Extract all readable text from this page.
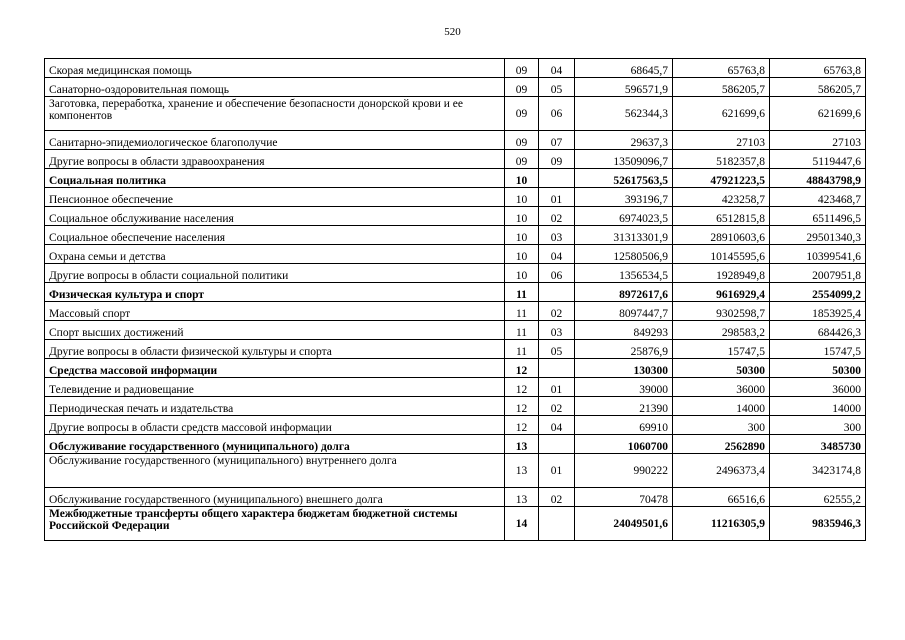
520
Скорая медицинская помощь	09	04	68645,7	65763,8	65763,8
Санаторно-оздоровительная помощь	09	05	596571,9	586205,7	586205,7
Заготовка, переработка, хранение и обеспечение безопасности донорской крови и ее компонентов	09	06	562344,3	621699,6	621699,6
Санитарно-эпидемиологическое благополучие	09	07	29637,3	27103	27103
Другие вопросы в области здравоохранения	09	09	13509096,7	5182357,8	5119447,6
Социальная политика	10		52617563,5	47921223,5	48843798,9
Пенсионное обеспечение	10	01	393196,7	423258,7	423468,7
Социальное обслуживание населения	10	02	6974023,5	6512815,8	6511496,5
Социальное обеспечение населения	10	03	31313301,9	28910603,6	29501340,3
Охрана семьи и детства	10	04	12580506,9	10145595,6	10399541,6
Другие вопросы в области социальной политики	10	06	1356534,5	1928949,8	2007951,8
Физическая культура и спорт	11		8972617,6	9616929,4	2554099,2
Массовый спорт	11	02	8097447,7	9302598,7	1853925,4
Спорт высших достижений	11	03	849293	298583,2	684426,3
Другие вопросы в области физической культуры и спорта	11	05	25876,9	15747,5	15747,5
Средства массовой информации	12		130300	50300	50300
Телевидение и радиовещание	12	01	39000	36000	36000
Периодическая печать и издательства	12	02	21390	14000	14000
Другие вопросы в области средств массовой информации	12	04	69910	300	300
Обслуживание государственного (муниципального) долга	13		1060700	2562890	3485730
Обслуживание государственного (муниципального) внутреннего долга	13	01	990222	2496373,4	3423174,8
Обслуживание государственного (муниципального) внешнего долга	13	02	70478	66516,6	62555,2
Межбюджетные трансферты общего характера бюджетам бюджетной системы Российской Федерации	14		24049501,6	11216305,9	9835946,3
